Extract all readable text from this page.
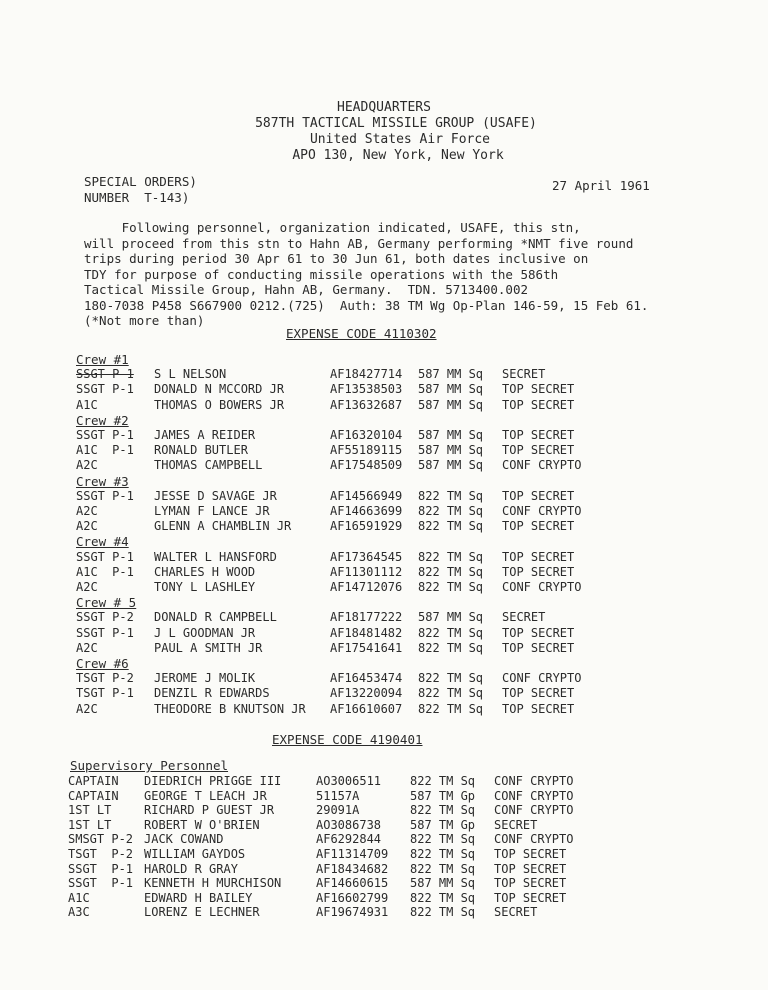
HEADQUARTERS
587TH TACTICAL MISSILE GROUP (USAFE)
United States Air Force
APO 130, New York, New York
SPECIAL ORDERS)
NUMBER  T-143)
27 April 1961
Following personnel, organization indicated, USAFE, this stn,
will proceed from this stn to Hahn AB, Germany performing *NMT five round
trips during period 30 Apr 61 to 30 Jun 61, both dates inclusive on
TDY for purpose of conducting missile operations with the 586th
Tactical Missile Group, Hahn AB, Germany.  TDN. 5713400.002
180-7038 P458 S667900 0212.(725)  Auth: 38 TM Wg Op-Plan 146-59, 15 Feb 61.
(*Not more than)
EXPENSE CODE 4110302
Crew #1
SSGT P-1 S L NELSON	AF18427714 587 MM Sq SECRET
SSGT P-1 DONALD N MCCORD JR	AF13538503 587 MM Sq TOP SECRET
A1C	THOMAS O BOWERS JR	AF13632687 587 MM Sq TOP SECRET
Crew #2
SSGT P-1 JAMES A REIDER	AF16320104 587 MM Sq TOP SECRET
A1C  P-1 RONALD BUTLER	AF55189115 587 MM Sq TOP SECRET
A2C	THOMAS CAMPBELL	AF17548509 587 MM Sq CONF CRYPTO
Crew #3
SSGT P-1 JESSE D SAVAGE JR	AF14566949 822 TM Sq TOP SECRET
A2C	LYMAN F LANCE JR	AF14663699 822 TM Sq CONF CRYPTO
A2C	GLENN A CHAMBLIN JR	AF16591929 822 TM Sq TOP SECRET
Crew #4
SSGT P-1 WALTER L HANSFORD	AF17364545 822 TM Sq TOP SECRET
A1C  P-1 CHARLES H WOOD	AF11301112 822 TM Sq TOP SECRET
A2C	TONY L LASHLEY	AF14712076 822 TM Sq CONF CRYPTO
Crew # 5
SSGT P-2 DONALD R CAMPBELL	AF18177222 587 MM Sq SECRET
SSGT P-1 J L GOODMAN JR	AF18481482 822 TM Sq TOP SECRET
A2C	PAUL A SMITH JR	AF17541641 822 TM Sq TOP SECRET
Crew #6
TSGT P-2 JEROME J MOLIK	AF16453474 822 TM Sq CONF CRYPTO
TSGT P-1 DENZIL R EDWARDS	AF13220094 822 TM Sq TOP SECRET
A2C	THEODORE B KNUTSON JR AF16610607 822 TM Sq TOP SECRET
EXPENSE CODE 4190401
Supervisory Personnel
CAPTAIN DIEDRICH PRIGGE III	AO3006511 822 TM Sq CONF CRYPTO
CAPTAIN GEORGE T LEACH JR	51157A	587 TM Gp CONF CRYPTO
1ST LT	RICHARD P GUEST JR	29091A	822 TM Sq CONF CRYPTO
1ST LT	ROBERT W O'BRIEN	AO3086738 587 TM Gp SECRET
SMSGT P-2 JACK COWAND	AF6292844 822 TM Sq CONF CRYPTO
TSGT  P-2 WILLIAM GAYDOS	AF11314709 822 TM Sq TOP SECRET
SSGT  P-1 HAROLD R GRAY	AF18434682 822 TM Sq TOP SECRET
SSGT  P-1 KENNETH H MURCHISON	AF14660615 587 MM Sq TOP SECRET
A1C	EDWARD H BAILEY	AF16602799 822 TM Sq TOP SECRET
A3C	LORENZ E LECHNER	AF19674931 822 TM Sq SECRET
